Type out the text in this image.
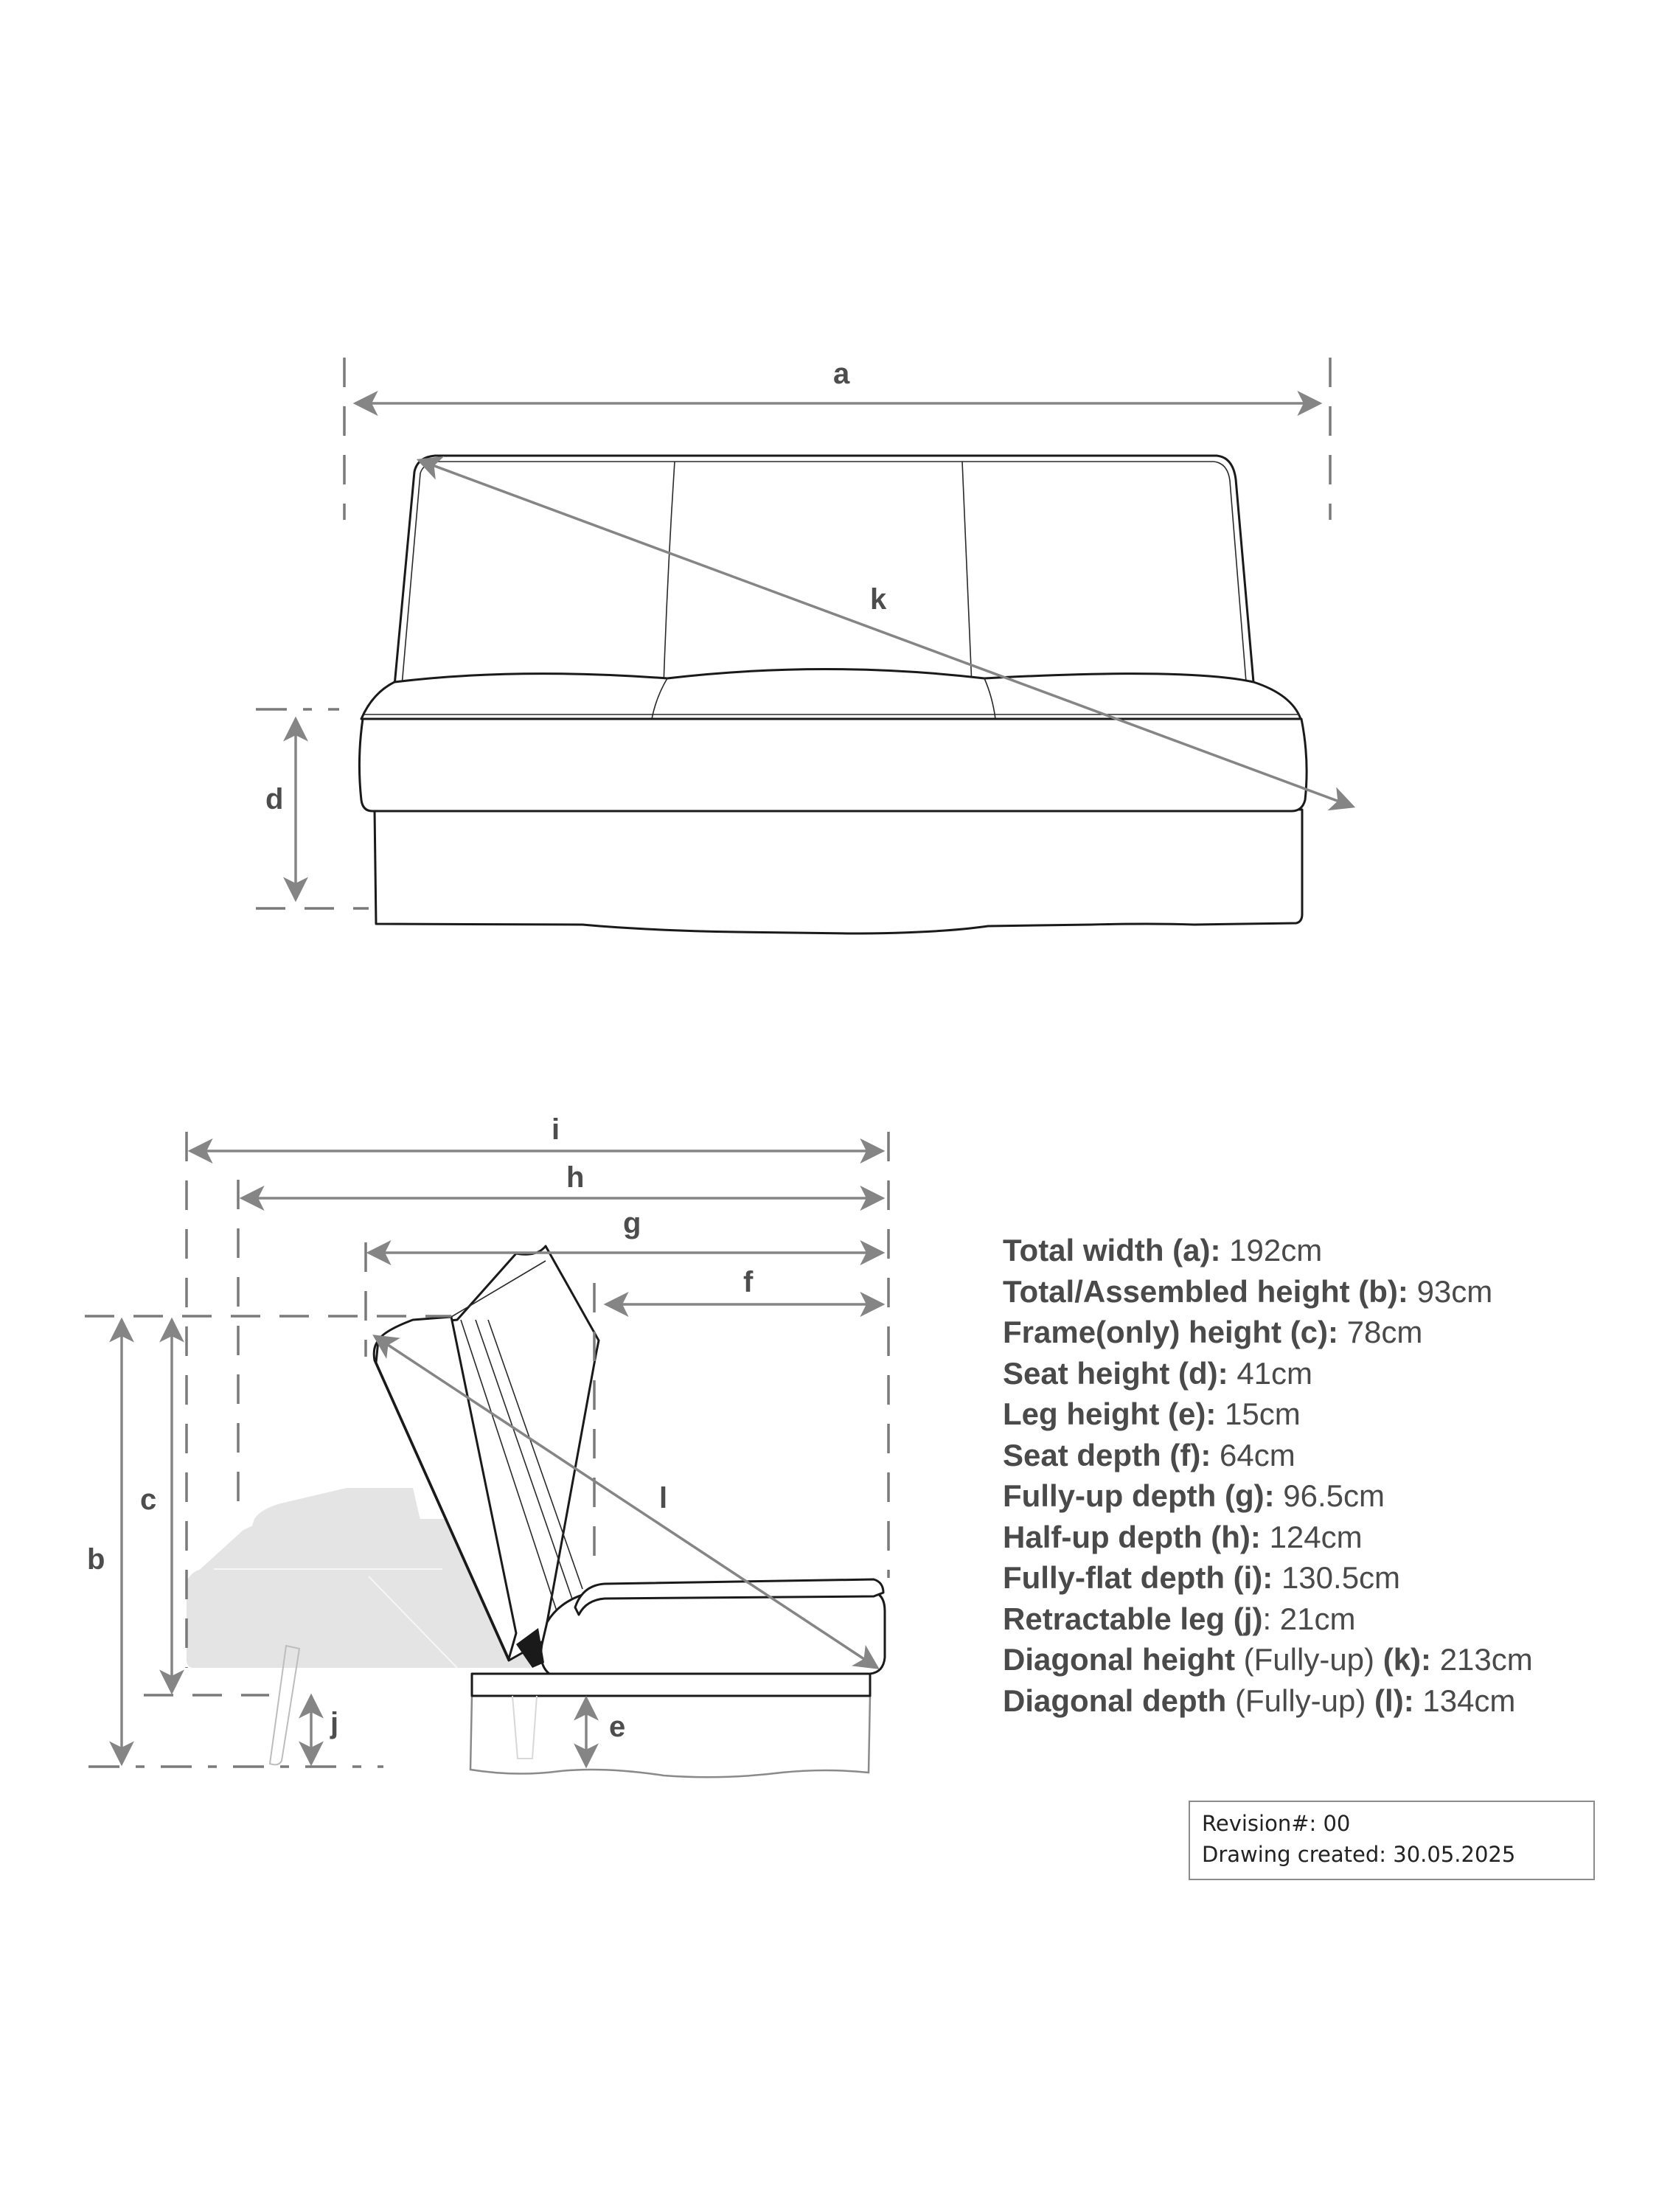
a
k
d
i
h
g
f
l
b
c
j	e
Total width (a): 192cm
Total/Assembled height (b): 93cm
Frame(only) height (c): 78cm
Seat height (d): 41cm
Leg height (e): 15cm
Seat depth (f): 64cm
Fully-up depth (g): 96.5cm
Half-up depth (h): 124cm
Fully-flat depth (i): 130.5cm
Retractable leg (j): 21cm
Diagonal height (Fully-up) (k): 213cm
Diagonal depth (Fully-up) (l): 134cm
Revision#: 00
Drawing created: 30.05.2025
